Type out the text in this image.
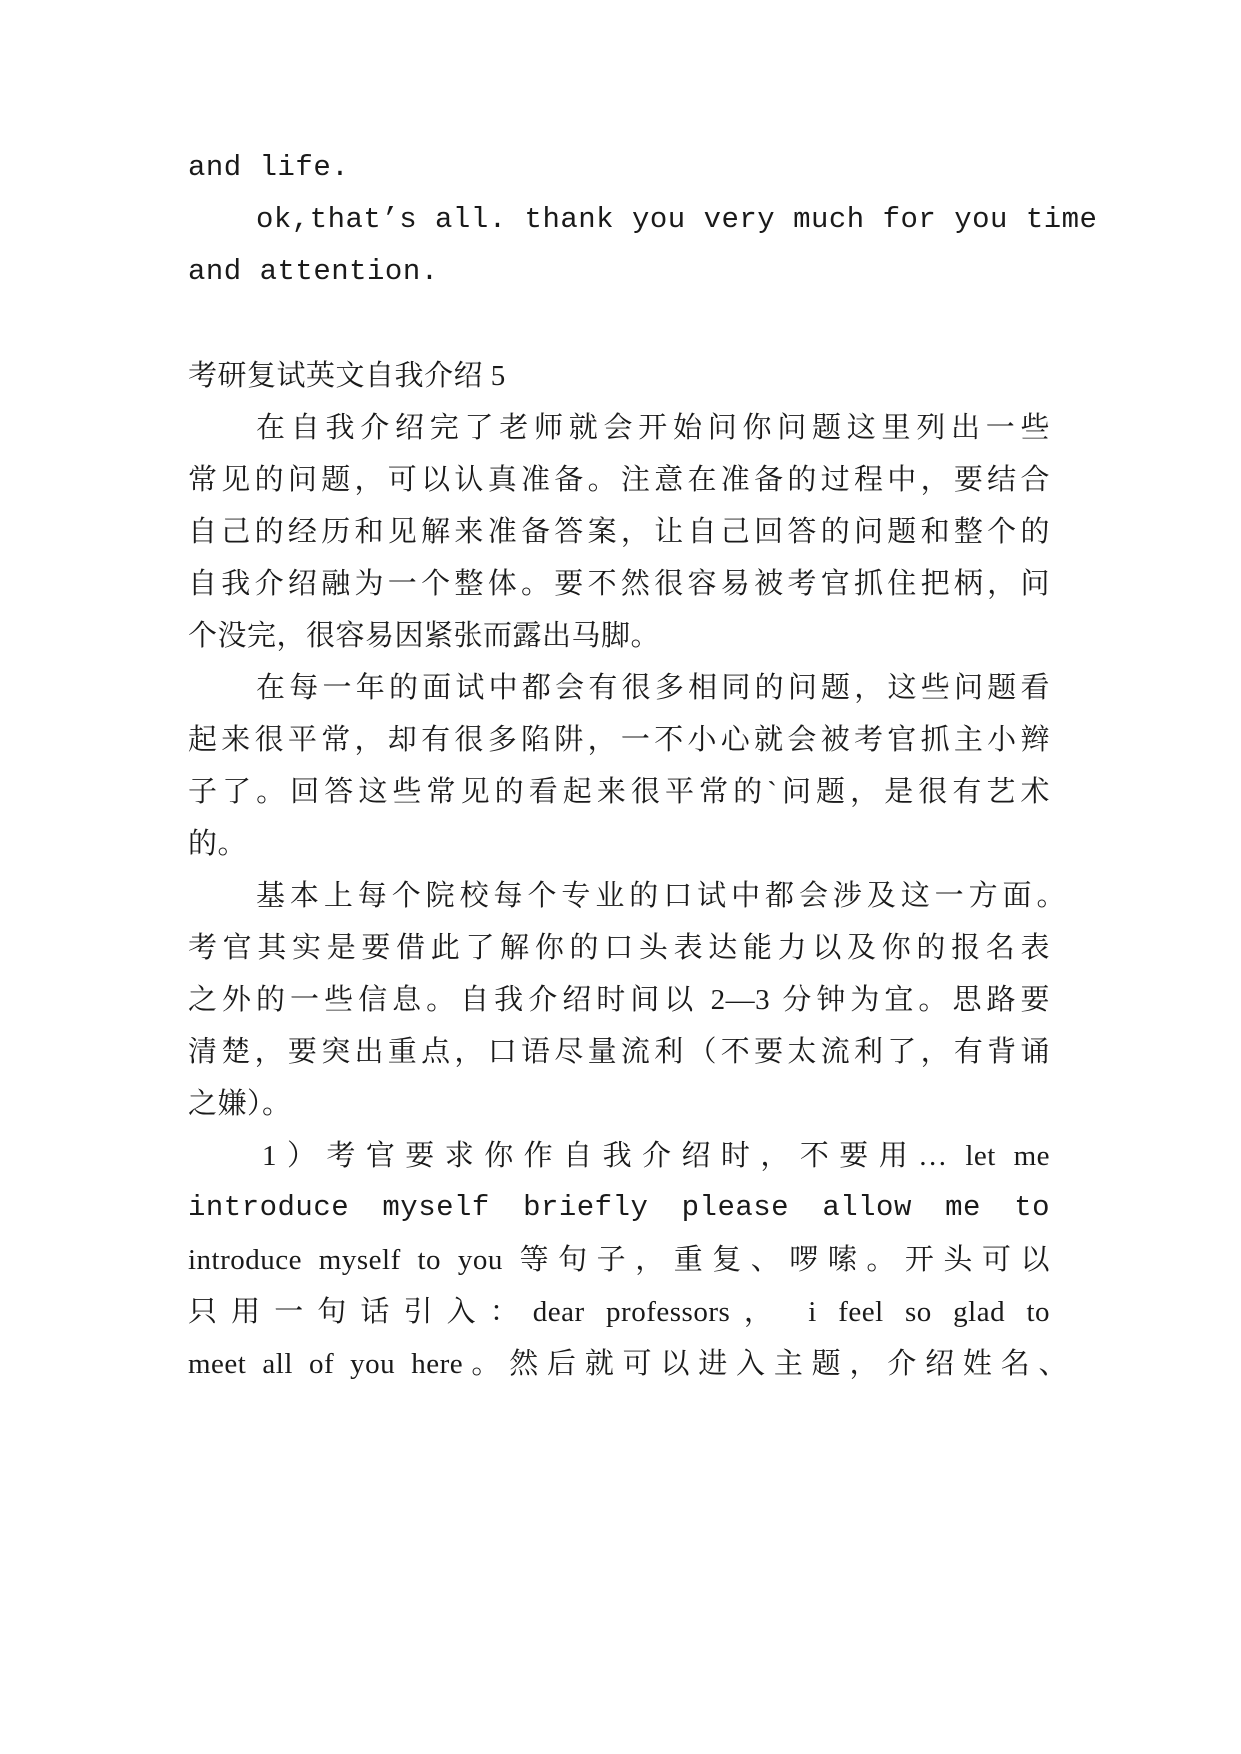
and life.
ok,that’s all. thank you very much for you time
and attention.
考研复试英文自我介绍 5
在自我介绍完了老师就会开始问你问题这里列出一些
常见的问题，可以认真准备。注意在准备的过程中，要结合
自己的经历和见解来准备答案，让自己回答的问题和整个的
自我介绍融为一个整体。要不然很容易被考官抓住把柄，问
个没完，很容易因紧张而露出马脚。
在每一年的面试中都会有很多相同的问题，这些问题看
起来很平常，却有很多陷阱，一不小心就会被考官抓主小辫
子了。回答这些常见的看起来很平常的`问题，是很有艺术
的。
基本上每个院校每个专业的口试中都会涉及这一方面。
考官其实是要借此了解你的口头表达能力以及你的报名表
之外的一些信息。自我介绍时间以 2—3 分钟为宜。思路要
清楚，要突出重点，口语尽量流利（不要太流利了，有背诵
之嫌）。
1）考官要求你作自我介绍时，不要用… let me
introduce myself briefly please allow me to
introduce myself to you 等句子，重复、啰嗦。开头可以
只用一句话引入：dear professors， i feel so glad to
meet all of you here。然后就可以进入主题，介绍姓名、
